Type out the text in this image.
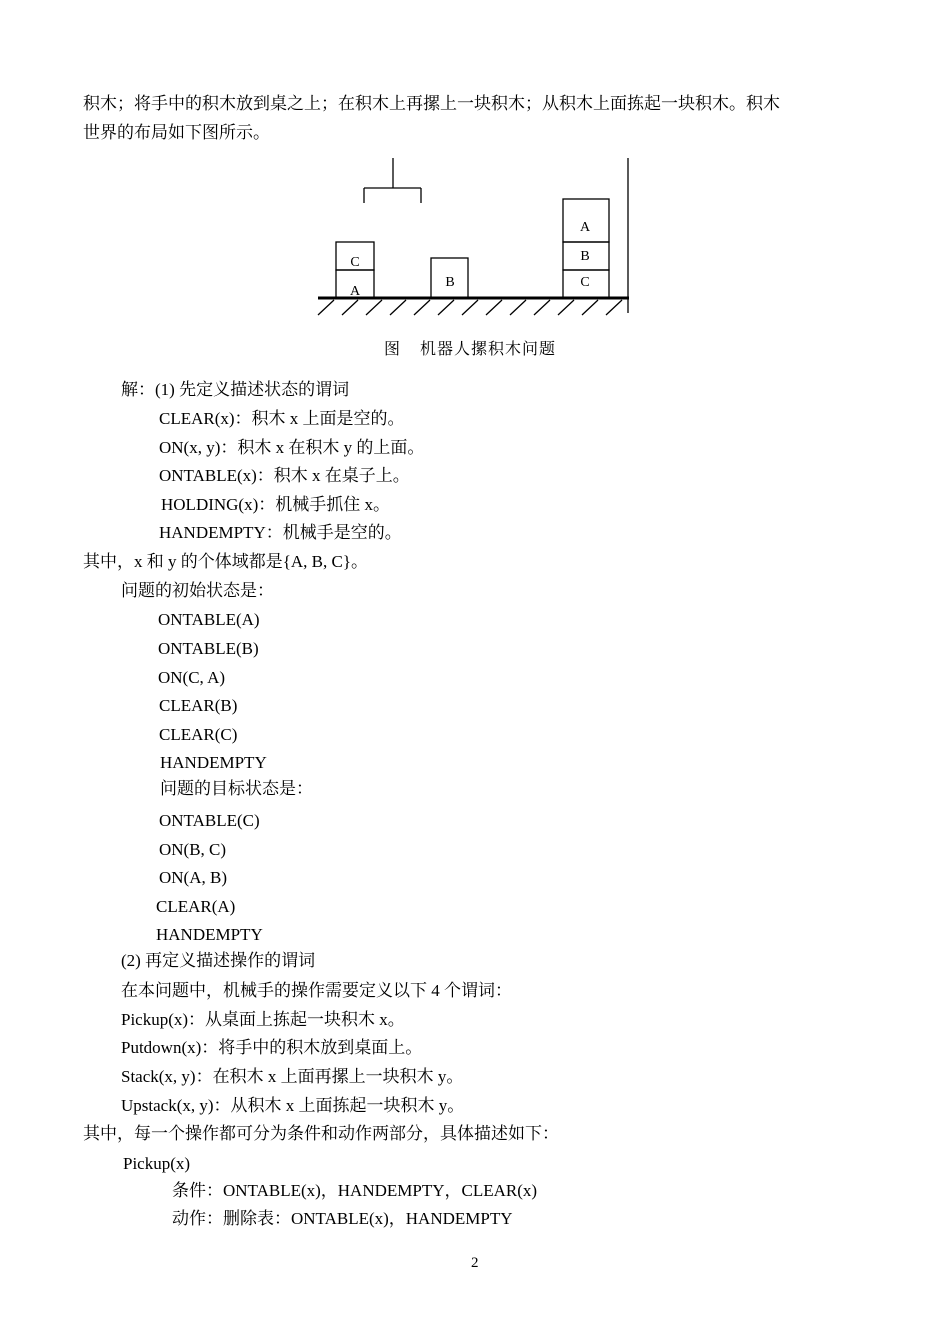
积木；将手中的积木放到桌之上；在积木上再摞上一块积木；从积木上面拣起一块积木。积木
世界的布局如下图所示。
C
A
B
A
B
C
图 机器人摞积木问题
解：(1) 先定义描述状态的谓词
CLEAR(x)：积木 x 上面是空的。
ON(x, y)：积木 x 在积木 y 的上面。
ONTABLE(x)：积木 x 在桌子上。
HOLDING(x)：机械手抓住 x。
HANDEMPTY：机械手是空的。
其中，x 和 y 的个体域都是{A, B, C}。
问题的初始状态是：
ONTABLE(A)
ONTABLE(B)
ON(C, A)
CLEAR(B)
CLEAR(C)
HANDEMPTY
问题的目标状态是：
ONTABLE(C)
ON(B, C)
ON(A, B)
CLEAR(A)
HANDEMPTY
(2) 再定义描述操作的谓词
在本问题中，机械手的操作需要定义以下 4 个谓词：
Pickup(x)：从桌面上拣起一块积木 x。
Putdown(x)：将手中的积木放到桌面上。
Stack(x, y)：在积木 x 上面再摞上一块积木 y。
Upstack(x, y)：从积木 x 上面拣起一块积木 y。
其中，每一个操作都可分为条件和动作两部分，具体描述如下：
Pickup(x)
条件：ONTABLE(x)，HANDEMPTY，CLEAR(x)
动作：删除表：ONTABLE(x)，HANDEMPTY
2
